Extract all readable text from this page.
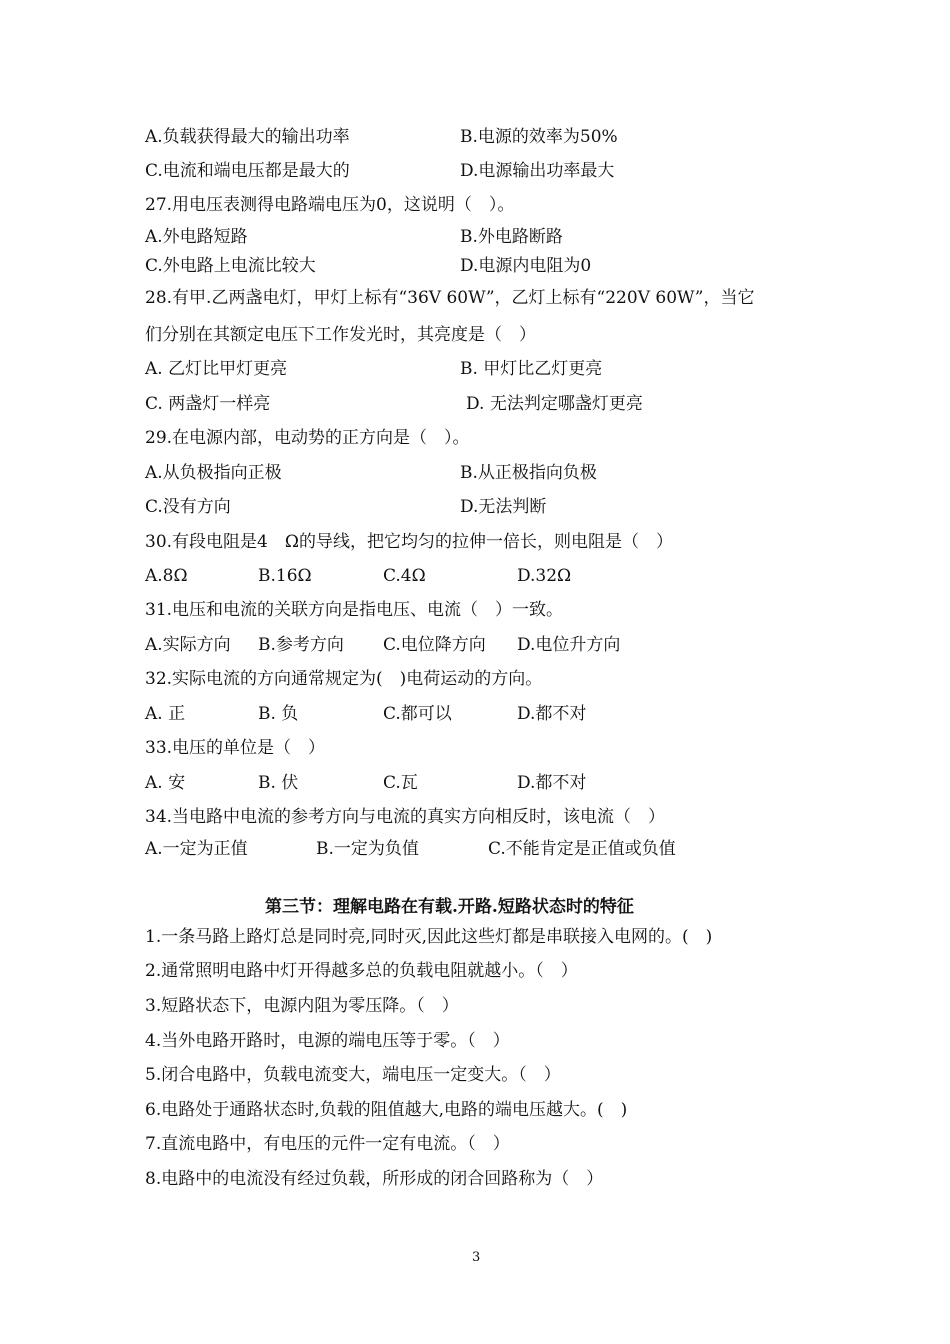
A.负载获得最大的输出功率	B.电源的效率为50%
C.电流和端电压都是最大的	D.电源输出功率最大
27.用电压表测得电路端电压为0，这说明（　）。
A.外电路短路	B.外电路断路
C.外电路上电流比较大	D.电源内电阻为0
28.有甲.乙两盏电灯，甲灯上标有“36V 60W”，乙灯上标有“220V 60W”，当它
们分别在其额定电压下工作发光时，其亮度是（　）
A. 乙灯比甲灯更亮	B. 甲灯比乙灯更亮
C. 两盏灯一样亮	D. 无法判定哪盏灯更亮
29.在电源内部，电动势的正方向是（　）。
A.从负极指向正极	B.从正极指向负极
C.没有方向	D.无法判断
30.有段电阻是4　Ω的导线，把它均匀的拉伸一倍长，则电阻是（　）
A.8Ω	B.16Ω	C.4Ω	D.32Ω
31.电压和电流的关联方向是指电压、电流（　）一致。
A.实际方向 B.参考方向 C.电位降方向 D.电位升方向
32.实际电流的方向通常规定为(　)电荷运动的方向。
A. 正	B. 负	C.都可以	D.都不对
33.电压的单位是（　）
A. 安	B. 伏	C.瓦	D.都不对
34.当电路中电流的参考方向与电流的真实方向相反时，该电流（　）
A.一定为正值	B.一定为负值	C.不能肯定是正值或负值
第三节：理解电路在有载.开路.短路状态时的特征
1.一条马路上路灯总是同时亮,同时灭,因此这些灯都是串联接入电网的。(　)
2.通常照明电路中灯开得越多总的负载电阻就越小。（　）
3.短路状态下，电源内阻为零压降。（　）
4.当外电路开路时，电源的端电压等于零。（　）
5.闭合电路中，负载电流变大，端电压一定变大。（　）
6.电路处于通路状态时,负载的阻值越大,电路的端电压越大。(　)
7.直流电路中，有电压的元件一定有电流。（　）
8.电路中的电流没有经过负载，所形成的闭合回路称为（　）
3
